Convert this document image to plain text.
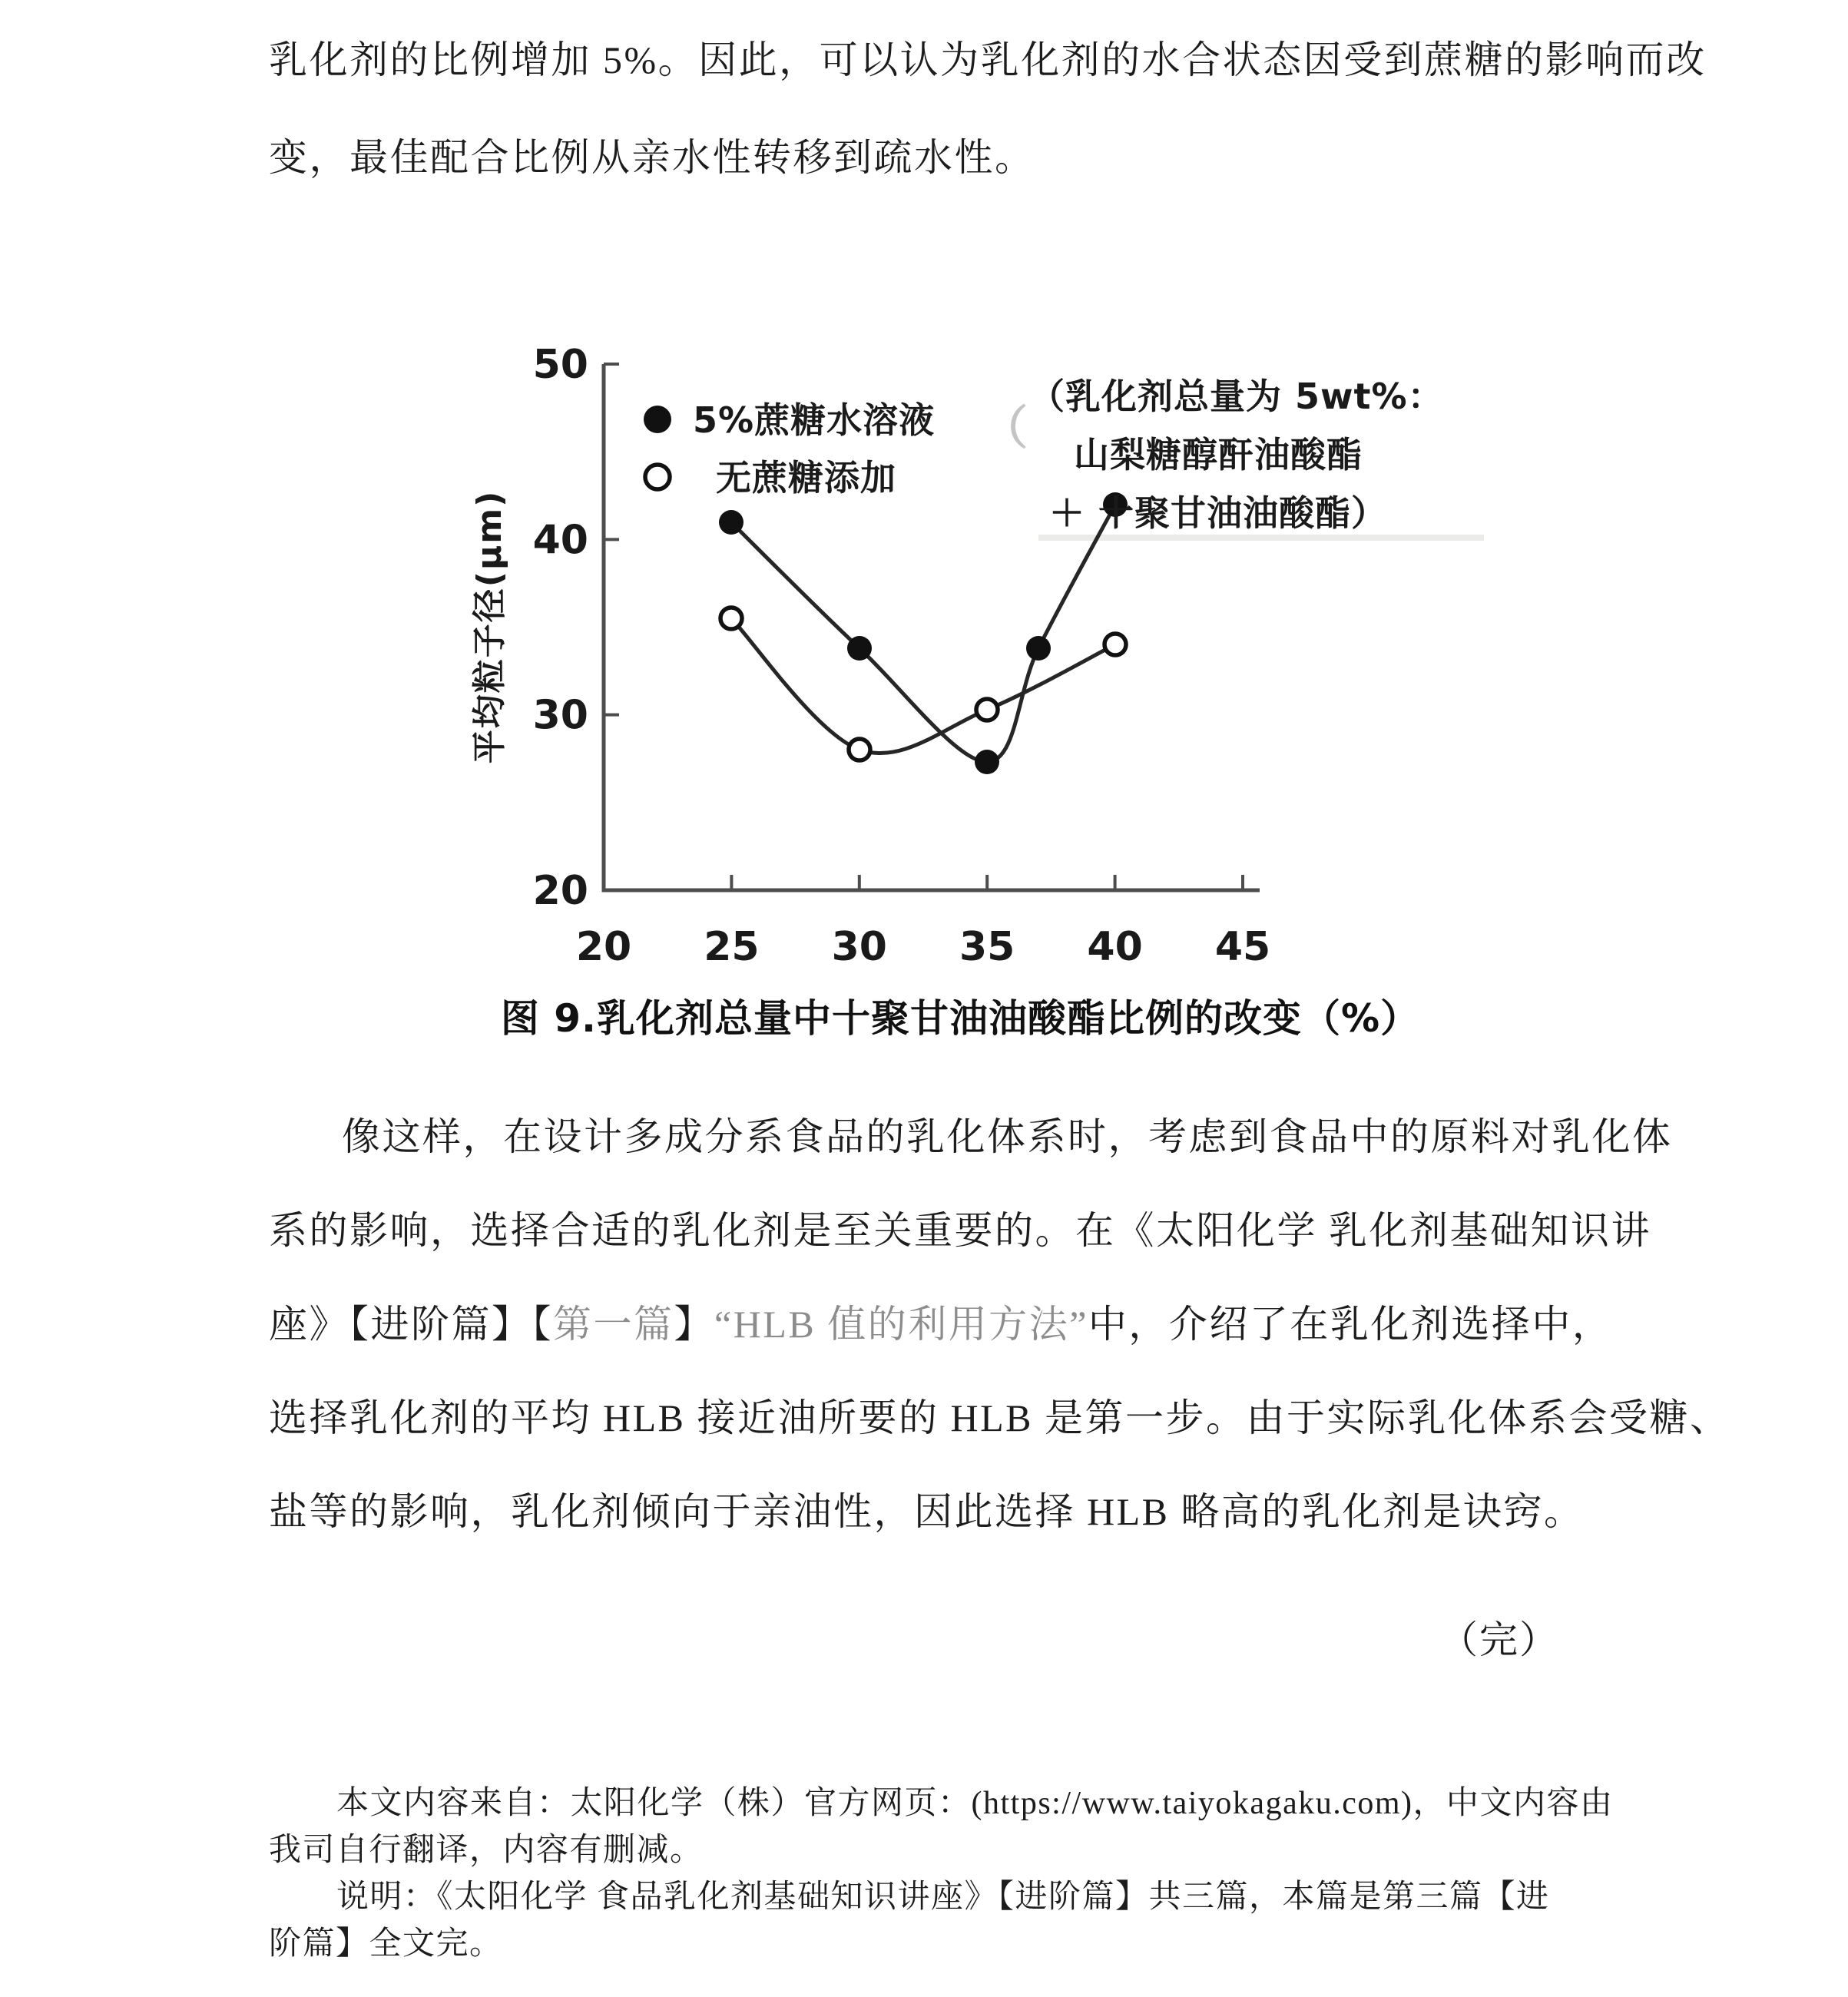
乳化剂的比例增加 5%。因此，可以认为乳化剂的水合状态因受到蔗糖的影响而改
变，最佳配合比例从亲水性转移到疏水性。
（
20
30
40
50
20 25 30 35 40 45
平均粒子径(μm)
5%蔗糖水溶液
无蔗糖添加
（乳化剂总量为 5wt%：
山梨糖醇酐油酸酯
＋ 十聚甘油油酸酯）
图 9.乳化剂总量中十聚甘油油酸酯比例的改变（%）
像这样，在设计多成分系食品的乳化体系时，考虑到食品中的原料对乳化体
系的影响，选择合适的乳化剂是至关重要的。在《太阳化学 乳化剂基础知识讲
座》【进阶篇】【第一篇】“HLB 值的利用方法”中，介绍了在乳化剂选择中，
选择乳化剂的平均 HLB 接近油所要的 HLB 是第一步。由于实际乳化体系会受糖、
盐等的影响，乳化剂倾向于亲油性，因此选择 HLB 略高的乳化剂是诀窍。
（完）
本文内容来自：太阳化学（株）官方网页：(https://www.taiyokagaku.com)，中文内容由
我司自行翻译，内容有删减。
说明：《太阳化学 食品乳化剂基础知识讲座》【进阶篇】共三篇，本篇是第三篇【进
阶篇】全文完。
